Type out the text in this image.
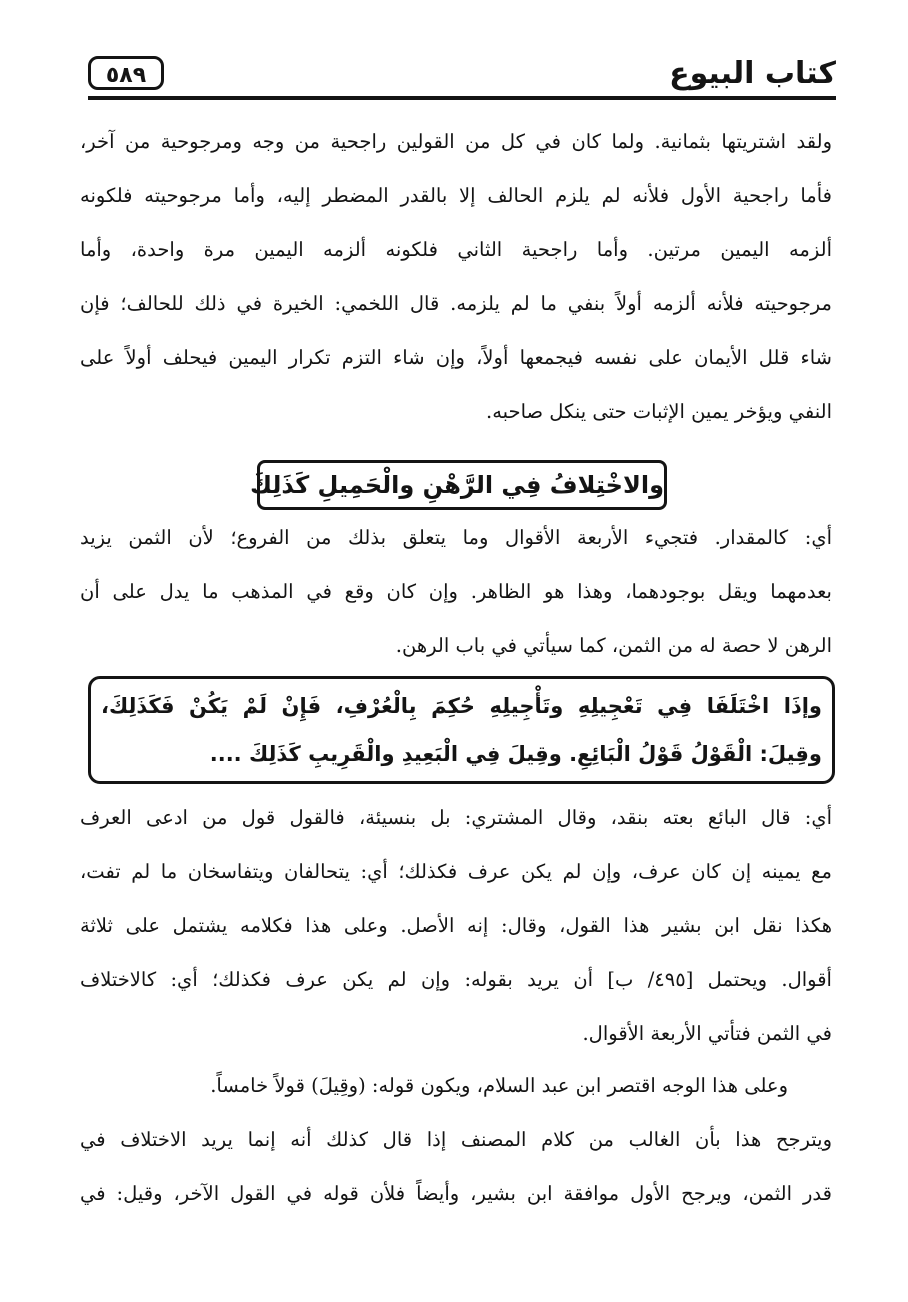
كتاب البيوع
٥٨٩
ولقد اشتريتها بثمانية. ولما كان في كل من القولين راجحية من وجه ومرجوحية من آخر،
فأما راجحية الأول فلأنه لم يلزم الحالف إلا بالقدر المضطر إليه، وأما مرجوحيته فلكونه
ألزمه اليمين مرتين. وأما راجحية الثاني فلكونه ألزمه اليمين مرة واحدة، وأما
مرجوحيته فلأنه ألزمه أولاً بنفي ما لم يلزمه. قال اللخمي: الخيرة في ذلك للحالف؛ فإن
شاء قلل الأيمان على نفسه فيجمعها أولاً، وإن شاء التزم تكرار اليمين فيحلف أولاً على
النفي ويؤخر يمين الإثبات حتى ينكل صاحبه.
والاخْتِلافُ فِي الرَّهْنِ والْحَمِيلِ كَذَلِكَ
أي: كالمقدار. فتجيء الأربعة الأقوال وما يتعلق بذلك من الفروع؛ لأن الثمن يزيد
بعدمهما ويقل بوجودهما، وهذا هو الظاهر. وإن كان وقع في المذهب ما يدل على أن
الرهن لا حصة له من الثمن، كما سيأتي في باب الرهن.
وإذَا اخْتَلَفَا فِي تَعْجِيلِهِ وتَأْجِيلِهِ حُكِمَ بِالْعُرْفِ، فَإِنْ لَمْ يَكُنْ فَكَذَلِكَ،
وقِيلَ: الْقَوْلُ قَوْلُ الْبَائِعِ. وقِيلَ فِي الْبَعِيدِ والْقَرِيبِ كَذَلِكَ ....
أي: قال البائع بعته بنقد، وقال المشتري: بل بنسيئة، فالقول قول من ادعى العرف
مع يمينه إن كان عرف، وإن لم يكن عرف فكذلك؛ أي: يتحالفان ويتفاسخان ما لم تفت،
هكذا نقل ابن بشير هذا القول، وقال: إنه الأصل. وعلى هذا فكلامه يشتمل على ثلاثة
أقوال. ويحتمل [٤٩٥/ ب] أن يريد بقوله: وإن لم يكن عرف فكذلك؛ أي: كالاختلاف
في الثمن فتأتي الأربعة الأقوال.
وعلى هذا الوجه اقتصر ابن عبد السلام، ويكون قوله: (وقِيلَ) قولاً خامساً.
ويترجح هذا بأن الغالب من كلام المصنف إذا قال كذلك أنه إنما يريد الاختلاف في
قدر الثمن، ويرجح الأول موافقة ابن بشير، وأيضاً فلأن قوله في القول الآخر، وقيل: في
